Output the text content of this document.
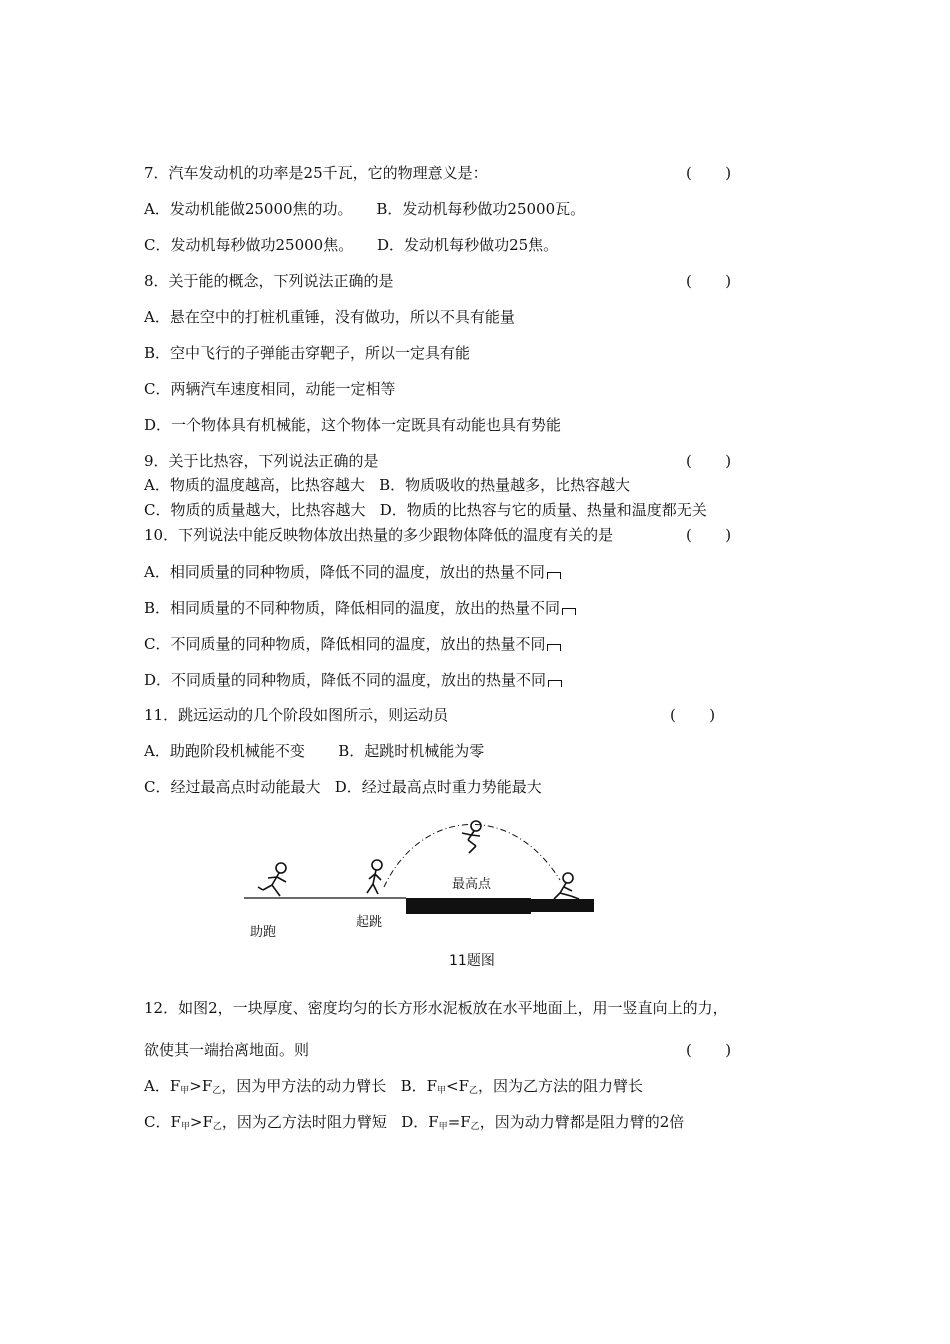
7．汽车发动机的功率是25千瓦，它的物理意义是：	(       )
A．发动机能做25000焦的功。     B．发动机每秒做功25000瓦。
C．发动机每秒做功25000焦。     D．发动机每秒做功25焦。
8．关于能的概念，下列说法正确的是	(       )
A．悬在空中的打桩机重锤，没有做功，所以不具有能量
B．空中飞行的子弹能击穿靶子，所以一定具有能
C．两辆汽车速度相同，动能一定相等
D．一个物体具有机械能，这个物体一定既具有动能也具有势能
9．关于比热容，下列说法正确的是	(       )
A．物质的温度越高，比热容越大   B．物质吸收的热量越多，比热容越大
C．物质的质量越大，比热容越大   D．物质的比热容与它的质量、热量和温度都无关
10．下列说法中能反映物体放出热量的多少跟物体降低的温度有关的是	(       )
A．相同质量的同种物质，降低不同的温度，放出的热量不同
B．相同质量的不同种物质，降低相同的温度，放出的热量不同
C．不同质量的同种物质，降低相同的温度，放出的热量不同
D．不同质量的同种物质，降低不同的温度，放出的热量不同
11．跳远运动的几个阶段如图所示，则运动员	(       )
A．助跑阶段机械能不变       B．起跳时机械能为零
C．经过最高点时动能最大   D．经过最高点时重力势能最大
助跑
起跳
最高点
11题图
12．如图2，一块厚度、密度均匀的长方形水泥板放在水平地面上，用一竖直向上的力，
欲使其一端抬离地面。则	(       )
A．$F_甲>F_乙$，因为甲方法的动力臂长 B．$F_甲<F_乙$，因为乙方法的阻力臂长
C．$F_甲>F_乙$，因为乙方法时阻力臂短 D．$F_甲=F_乙$，因为动力臂都是阻力臂的2倍
